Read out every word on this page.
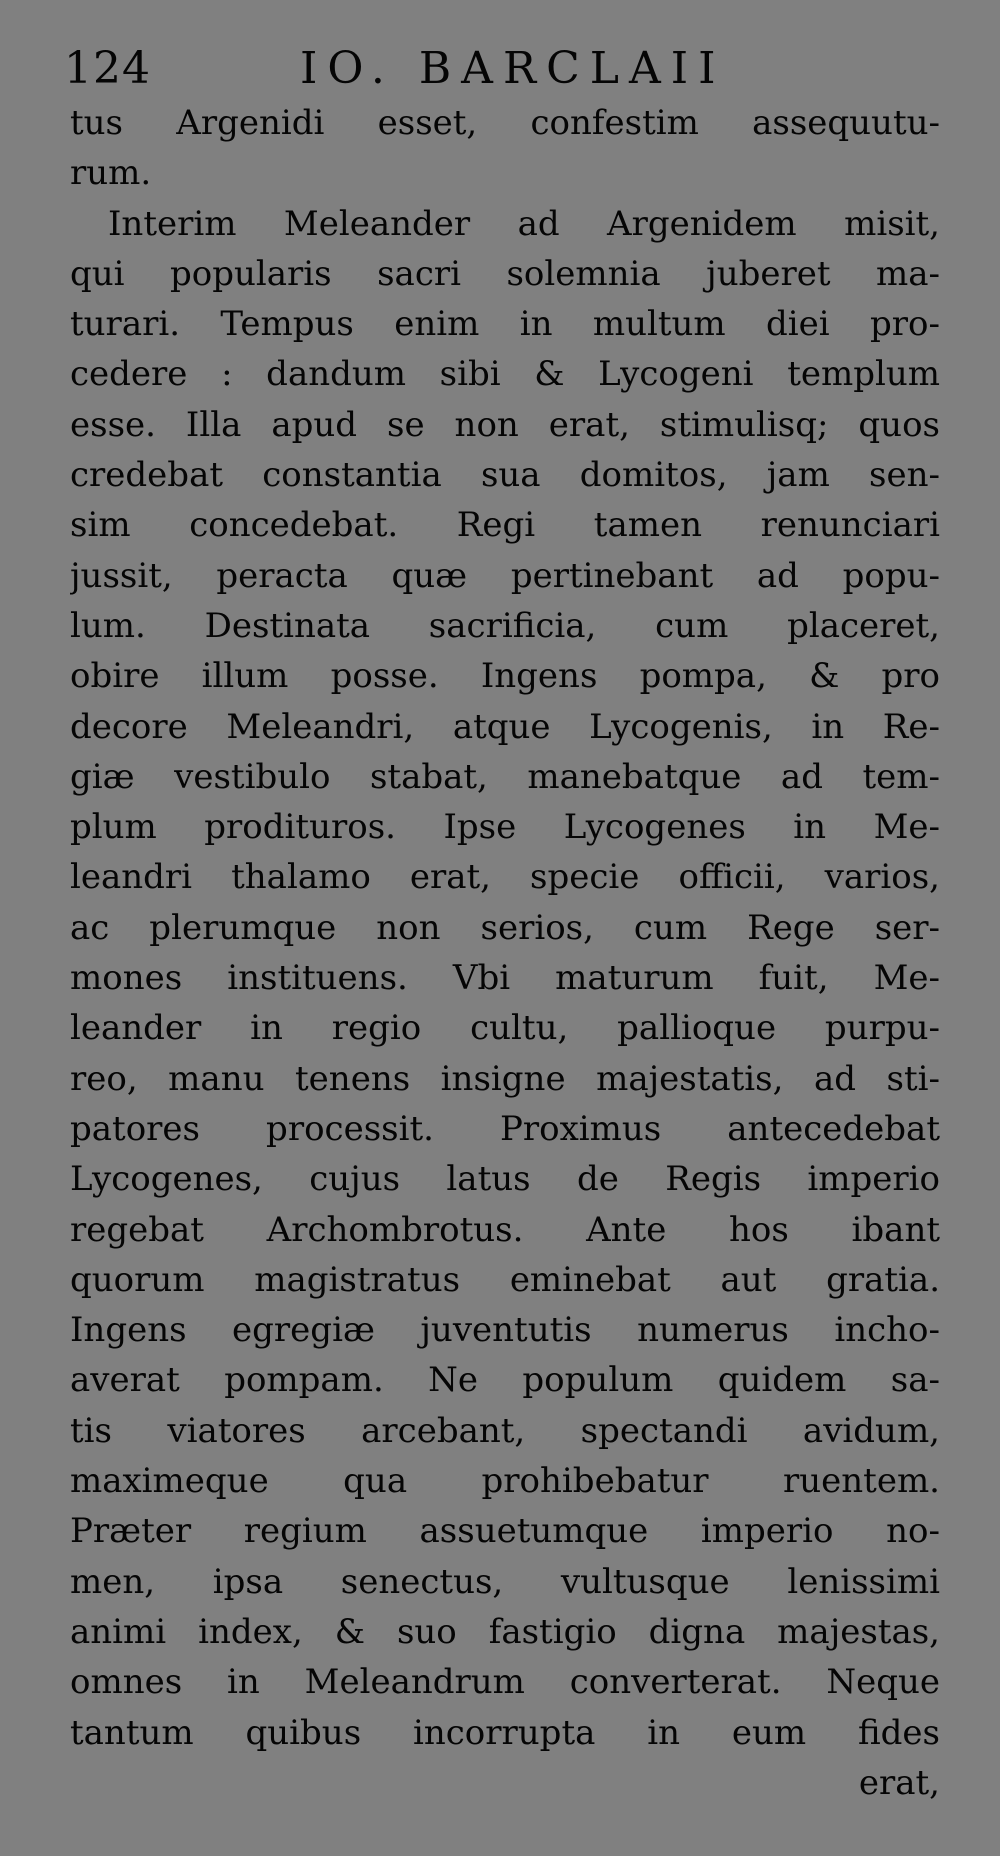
124	IO. BARCLAII
tus Argenidi esset, confestim assequutu-
rum.
Interim Meleander ad Argenidem misit,
qui popularis sacri solemnia juberet ma-
turari. Tempus enim in multum diei pro-
cedere : dandum sibi & Lycogeni templum
esse. Illa apud se non erat, stimulisq; quos
credebat constantia sua domitos, jam sen-
sim concedebat. Regi tamen renunciari
jussit, peracta quæ pertinebant ad popu-
lum. Destinata sacrificia, cum placeret,
obire illum posse. Ingens pompa, & pro
decore Meleandri, atque Lycogenis, in Re-
giæ vestibulo stabat, manebatque ad tem-
plum prodituros. Ipse Lycogenes in Me-
leandri thalamo erat, specie officii, varios,
ac plerumque non serios, cum Rege ser-
mones instituens. Vbi maturum fuit, Me-
leander in regio cultu, pallioque purpu-
reo, manu tenens insigne majestatis, ad sti-
patores processit. Proximus antecedebat
Lycogenes, cujus latus de Regis imperio
regebat Archombrotus. Ante hos ibant
quorum magistratus eminebat aut gratia.
Ingens egregiæ juventutis numerus incho-
averat pompam. Ne populum quidem sa-
tis viatores arcebant, spectandi avidum,
maximeque qua prohibebatur ruentem.
Præter regium assuetumque imperio no-
men, ipsa senectus, vultusque lenissimi
animi index, & suo fastigio digna majestas,
omnes in Meleandrum converterat. Neque
tantum quibus incorrupta in eum fides
erat,
